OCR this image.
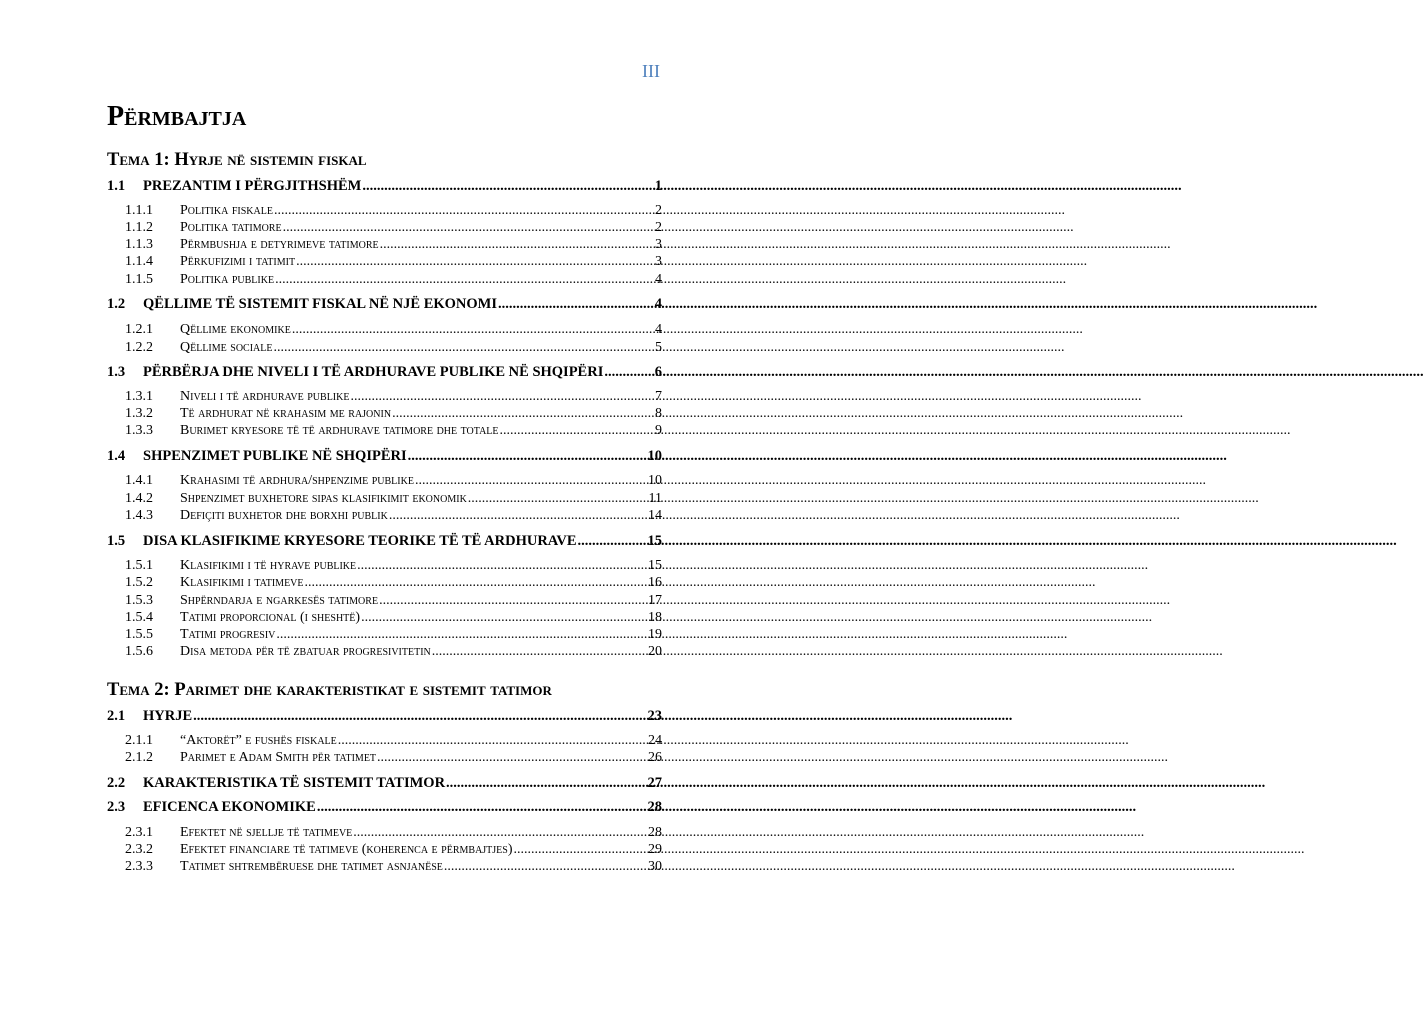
III
Përmbajtja
Tema 1: Hyrje në sistemin fiskal
1.1	PREZANTIM I PËRGJITHSHËM .....	1
1.1.1	Politika fiskale .....	2
1.1.2	Politika tatimore .....	2
1.1.3	Përmbushja e detyrimeve tatimore .....	3
1.1.4	Përkufizimi i tatimit .....	3
1.1.5	Politika publike .....	4
1.2	QËLLIME TË SISTEMIT FISKAL NË NJË EKONOMI .....	4
1.2.1	Qëllime ekonomike .....	4
1.2.2	Qëllime sociale .....	5
1.3	PËRBËRJA DHE NIVELI I TË ARDHURAVE PUBLIKE NË SHQIPËRI .....	6
1.3.1	Niveli i të ardhurave publike .....	7
1.3.2	Të ardhurat në krahasim me rajonin .....	8
1.3.3	Burimet kryesore të të ardhurave tatimore dhe totale .....	9
1.4	SHPENZIMET PUBLIKE NË SHQIPËRI .....	10
1.4.1	Krahasimi të ardhura/shpenzime publike .....	10
1.4.2	Shpenzimet buxhetore sipas klasifikimit ekonomik .....	11
1.4.3	Defiçiti buxhetor dhe borxhi publik .....	14
1.5	DISA KLASIFIKIME KRYESORE TEORIKE TË TË ARDHURAVE .....	15
1.5.1	Klasifikimi i të hyrave publike .....	15
1.5.2	Klasifikimi i tatimeve .....	16
1.5.3	Shpërndarja e ngarkesës tatimore .....	17
1.5.4	Tatimi proporcional (i sheshtë) .....	18
1.5.5	Tatimi progresiv .....	19
1.5.6	Disa metoda për të zbatuar progresivitetin .....	20
Tema 2: Parimet dhe karakteristikat e sistemit tatimor
2.1	HYRJE .....	23
2.1.1	“Aktorët” e fushës fiskale .....	24
2.1.2	Parimet e Adam Smith për tatimet .....	26
2.2	KARAKTERISTIKA TË SISTEMIT TATIMOR .....	27
2.3	EFICENCA EKONOMIKE .....	28
2.3.1	Efektet në sjellje të tatimeve .....	28
2.3.2	Efektet financiare të tatimeve (koherenca e përmbajtjes) .....	29
2.3.3	Tatimet shtrembëruese dhe tatimet asnjanëse .....	30
